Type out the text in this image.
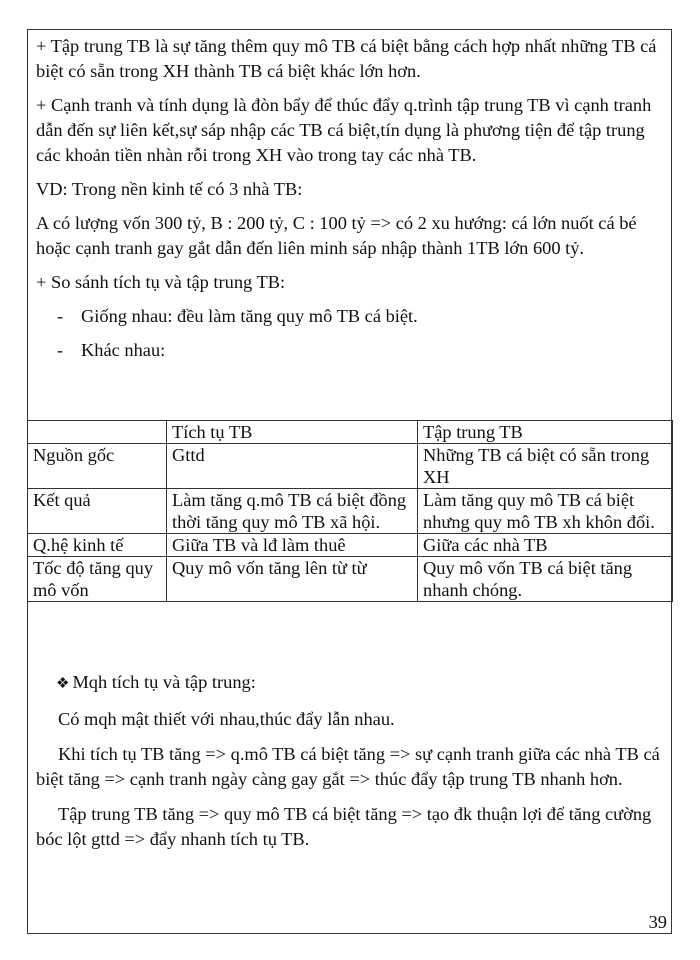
+ Tập trung TB là sự tăng thêm quy mô TB cá biệt bằng cách hợp nhất những TB cá biệt có sẵn trong XH thành TB cá biệt khác lớn hơn.

+ Cạnh tranh và tính dụng là đòn bẩy để thúc đẩy q.trình tập trung TB vì cạnh tranh dẫn đến sự liên kết,sự sáp nhập các TB cá biệt,tín dụng là phương tiện để tập trung các khoản tiền nhàn rỗi trong XH vào trong tay các nhà TB.

VD: Trong nền kinh tế có 3 nhà TB:

A có lượng vốn 300 tỷ, B : 200 tỷ, C : 100 tỷ => có 2 xu hướng: cá lớn nuốt cá bé hoặc cạnh tranh gay gắt dẫn đến liên minh sáp nhập thành 1TB lớn 600 tỷ.

+ So sánh tích tụ và tập trung TB:

- Giống nhau: đều làm tăng quy mô TB cá biệt.

- Khác nhau:

	Tích tụ TB	Tập trung TB
Nguồn gốc	Gttd	Những TB cá biệt có sẵn trong XH
Kết quả	Làm tăng q.mô TB cá biệt đồng thời tăng quy mô TB xã hội.	Làm tăng quy mô TB cá biệt nhưng quy mô TB xh khôn đổi.
Q.hệ kinh tế	Giữa TB và lđ làm thuê	Giữa các nhà TB
Tốc độ tăng quy mô vốn	Quy mô vốn tăng lên từ từ	Quy mô vốn TB cá biệt tăng nhanh chóng.

❖ Mqh tích tụ và tập trung:

Có mqh mật thiết với nhau,thúc đẩy lẫn nhau.

Khi tích tụ TB tăng => q.mô TB cá biệt tăng => sự cạnh tranh giữa các nhà TB cá biệt tăng => cạnh tranh ngày càng gay gắt => thúc đẩy tập trung TB nhanh hơn.

Tập trung TB tăng => quy mô TB cá biệt tăng => tạo đk thuận lợi để tăng cường bóc lột gttd => đẩy nhanh tích tụ TB.

39
